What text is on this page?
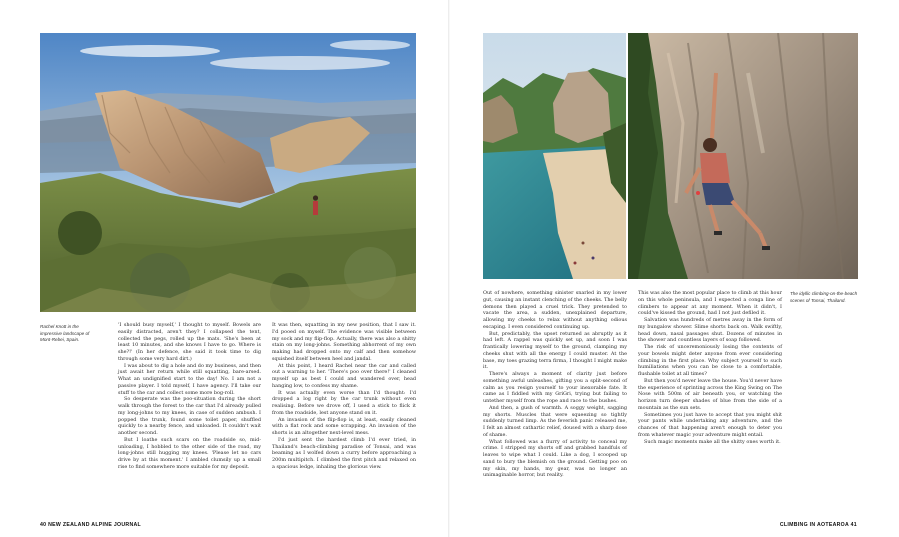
Rachel Knott in the impressive landscape of Mont-Rebei, Spain.

'I should busy myself,' I thought to myself. Bowels are easily distracted, aren't they? I collapsed the tent, collected the pegs, rolled up the mats. 'She's been at least 10 minutes, and she knows I have to go. Where is she?!' (In her defence, she said it took time to dig through some very hard dirt.)

I was about to dig a hole and do my business, and then just await her return while still squatting, bare-arsed. What an undignified start to the day! No. I am not a passive player. I told myself, I have agency. I'll take our stuff to the car and collect some more bog-roll.

So desperate was the poo-situation during the short walk through the forest to the car that I'd already pulled my long-johns to my knees, in case of sudden ambush. I popped the trunk, found some toilet paper, shuffled quickly to a nearby fence, and unloaded. It couldn't wait another second.

But I loathe such scars on the roadside so, mid-unloading, I hobbled to the other side of the road, my long-johns still hugging my knees. 'Please let no cars drive by at this moment.' I ambled clumsily up a small rise to find somewhere more suitable for my deposit.

It was then, squatting in my new position, that I saw it. I'd pooed on myself. The evidence was visible between my sock and my flip-flop. Actually, there was also a shitty stain on my long-johns. Something abhorrent of my own making had dropped onto my calf and then somehow squished itself between heel and jandal.

At this point, I heard Rachel near the car and called out a warning to her. 'There's poo over there!' I cleaned myself up as best I could and wandered over, head hanging low, to confess my shame.

It was actually even worse than I'd thought: I'd dropped a log right by the car trunk without even realising. Before we drove off, I used a stick to flick it from the roadside, lest anyone stand on it.

An invasion of the flip-flop is, at least, easily cleaned with a flat rock and some scrapping. An invasion of the shorts is an altogether next-level mess.

I'd just sent the hardest climb I'd ever tried, in Thailand's beach-climbing paradise of Tonsai, and was beaming as I wolfed down a curry before approaching a 200m multipitch. I climbed the first pitch and relaxed on a spacious ledge, inhaling the glorious view.

40 NEW ZEALAND ALPINE JOURNAL
The idyllic climbing-on-the-beach scenes of Tonsai, Thailand.

Out of nowhere, something sinister snarled in my lower gut, causing an instant clenching of the cheeks. The belly demons then played a cruel trick. They pretended to vacate the area, a sudden, unexplained departure, allowing my cheeks to relax without anything odious escaping. I even considered continuing up.

But, predictably, the upset returned as abruptly as it had left. A rappel was quickly set up, and soon I was frantically lowering myself to the ground, clamping my cheeks shut with all the energy I could muster. At the base, my toes grazing terra firma, I thought I might make it.

There's always a moment of clarity just before something awful unleashes, gifting you a split-second of calm as you resign yourself to your inexorable fate. It came as I fiddled with my GriGri, trying but failing to untether myself from the rope and race to the bushes.

And then, a gush of warmth. A soggy weight, sagging my shorts. Muscles that were squeezing so tightly suddenly turned limp. As the feverish panic released me, I felt an almost cathartic relief, doused with a sharp dose of shame.

What followed was a flurry of activity to conceal my crime. I stripped my shorts off and grabbed handfuls of leaves to wipe what I could. Like a dog, I scooped up sand to bury the blemish on the ground. Getting poo on my skin, my hands, my gear, was no longer an unimaginable horror, but reality.

This was also the most popular place to climb at this hour on this whole peninsula, and I expected a conga line of climbers to appear at any moment. When it didn't, I could've kissed the ground, had I not just defiled it.

Salvation was hundreds of metres away in the form of my bungalow shower. Slime shorts back on. Walk swiftly, head down, nasal passages shut. Dozens of minutes in the shower and countless layers of soap followed.

The risk of unceremoniously losing the contents of your bowels might deter anyone from ever considering climbing in the first place. Why subject yourself to such humiliations when you can be close to a comfortable, flushable toilet at all times?

But then you'd never leave the house. You'd never have the experience of sprinting across the King Swing on The Nose with 500m of air beneath you, or watching the horizon turn deeper shades of blue from the side of a mountain as the sun sets.

Sometimes you just have to accept that you might shit your pants while undertaking any adventure, and the chances of that happening aren't enough to deter you from whatever magic your adventure might entail.

Such magic moments make all the shitty ones worth it.

CLIMBING IN AOTEAROA 41
